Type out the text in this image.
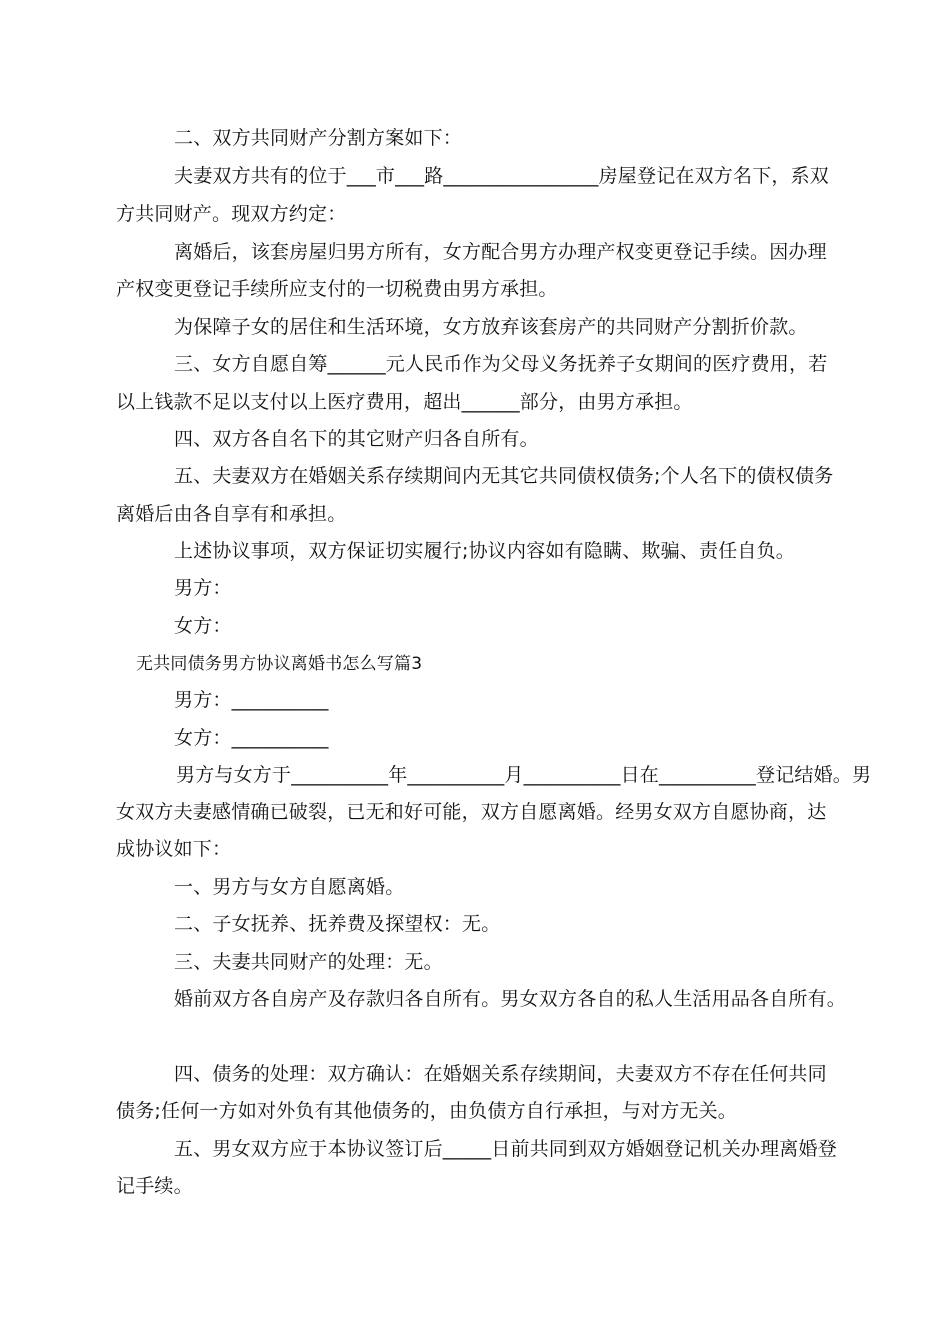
二、双方共同财产分割方案如下：
夫妻双方共有的位于___市___路________________房屋登记在双方名下，系双
方共同财产。现双方约定：
离婚后，该套房屋归男方所有，女方配合男方办理产权变更登记手续。因办理
产权变更登记手续所应支付的一切税费由男方承担。
为保障子女的居住和生活环境，女方放弃该套房产的共同财产分割折价款。
三、女方自愿自筹______元人民币作为父母义务抚养子女期间的医疗费用，若
以上钱款不足以支付以上医疗费用，超出______部分，由男方承担。
四、双方各自名下的其它财产归各自所有。
五、夫妻双方在婚姻关系存续期间内无其它共同债权债务;个人名下的债权债务
离婚后由各自享有和承担。
上述协议事项，双方保证切实履行;协议内容如有隐瞒、欺骗、责任自负。
男方：
女方：
无共同债务男方协议离婚书怎么写篇3
男方：__________
女方：__________
男方与女方于__________年__________月__________日在__________登记结婚。男
女双方夫妻感情确已破裂，已无和好可能，双方自愿离婚。经男女双方自愿协商，达
成协议如下：
一、男方与女方自愿离婚。
二、子女抚养、抚养费及探望权：无。
三、夫妻共同财产的处理：无。
婚前双方各自房产及存款归各自所有。男女双方各自的私人生活用品各自所有。
四、债务的处理：双方确认：在婚姻关系存续期间，夫妻双方不存在任何共同
债务;任何一方如对外负有其他债务的，由负债方自行承担，与对方无关。
五、男女双方应于本协议签订后_____日前共同到双方婚姻登记机关办理离婚登
记手续。
